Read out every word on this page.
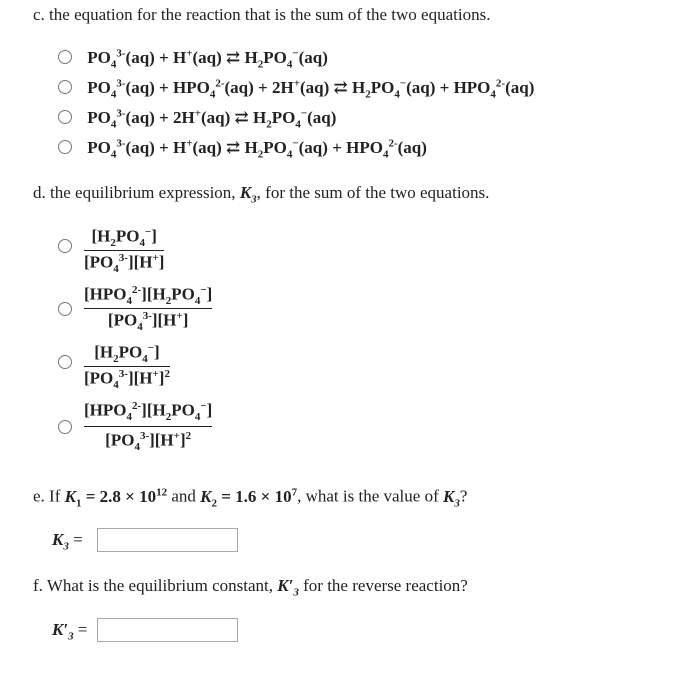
c. the equation for the reaction that is the sum of the two equations.
$PO_4^{3-}(aq) + H^+(aq)$ ⇄ $H_2PO_4^-(aq)$
$PO_4^{3-}(aq) + HPO_4^{2-}(aq) + 2H^+(aq)$ ⇄ $H_2PO_4^-(aq) + HPO_4^{2-}(aq)$
$PO_4^{3-}(aq) + 2H^+(aq)$ ⇄ $H_2PO_4^-(aq)$
$PO_4^{3-}(aq) + H^+(aq)$ ⇄ $H_2PO_4^-(aq) + HPO_4^{2-}(aq)$
d. the equilibrium expression, $K_3$, for the sum of the two equations.
$[H_2PO_4^-]$
$[PO_4^{3-}][H^+]$
$[HPO_4^{2-}][H_2PO_4^-]$
$[PO_4^{3-}][H^+]$
$[H_2PO_4^-]$
$[PO_4^{3-}][H^+]^2$
$[HPO_4^{2-}][H_2PO_4^-]$
$[PO_4^{3-}][H^+]^2$
e. If $K_1 = 2.8 \times 10^{12}$ and $K_2 = 1.6 \times 10^7$, what is the value of $K_3$?
$K_3$ =
f. What is the equilibrium constant, $K'_3$ for the reverse reaction?
$K'_3$ =
